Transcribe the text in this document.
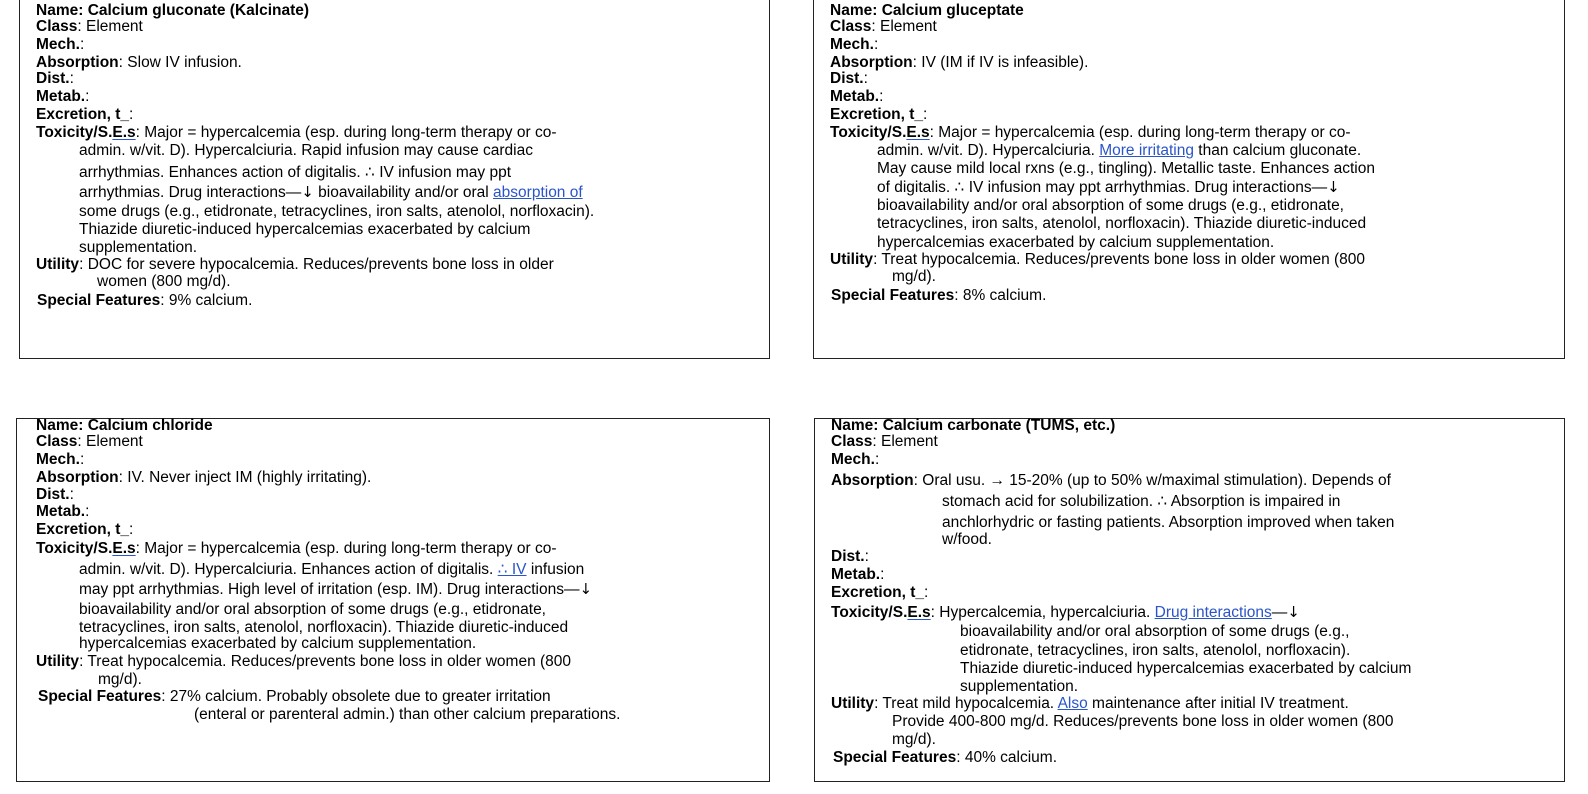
Name: Calcium gluconate (Kalcinate)
Class: Element
Mech.:
Absorption: Slow IV infusion.
Dist.:
Metab.:
Excretion, t_:
Toxicity/S.E.s: Major = hypercalcemia (esp. during long-term therapy or co-
admin. w/vit. D). Hypercalciuria. Rapid infusion may cause cardiac
arrhythmias. Enhances action of digitalis. ∴ IV infusion may ppt
arrhythmias. Drug interactions—↓ bioavailability and/or oral absorption of
some drugs (e.g., etidronate, tetracyclines, iron salts, atenolol, norfloxacin).
Thiazide diuretic-induced hypercalcemias exacerbated by calcium
supplementation.
Utility: DOC for severe hypocalcemia. Reduces/prevents bone loss in older
women (800 mg/d).
Special Features: 9% calcium.
Name: Calcium gluceptate
Class: Element
Mech.:
Absorption: IV (IM if IV is infeasible).
Dist.:
Metab.:
Excretion, t_:
Toxicity/S.E.s: Major = hypercalcemia (esp. during long-term therapy or co-
admin. w/vit. D). Hypercalciuria. More irritating than calcium gluconate.
May cause mild local rxns (e.g., tingling). Metallic taste. Enhances action
of digitalis. ∴ IV infusion may ppt arrhythmias. Drug interactions—↓
bioavailability and/or oral absorption of some drugs (e.g., etidronate,
tetracyclines, iron salts, atenolol, norfloxacin). Thiazide diuretic-induced
hypercalcemias exacerbated by calcium supplementation.
Utility: Treat hypocalcemia. Reduces/prevents bone loss in older women (800
mg/d).
Special Features: 8% calcium.
Name: Calcium chloride
Class: Element
Mech.:
Absorption: IV. Never inject IM (highly irritating).
Dist.:
Metab.:
Excretion, t_:
Toxicity/S.E.s: Major = hypercalcemia (esp. during long-term therapy or co-
admin. w/vit. D). Hypercalciuria. Enhances action of digitalis. ∴ IV infusion
may ppt arrhythmias. High level of irritation (esp. IM). Drug interactions—↓
bioavailability and/or oral absorption of some drugs (e.g., etidronate,
tetracyclines, iron salts, atenolol, norfloxacin). Thiazide diuretic-induced
hypercalcemias exacerbated by calcium supplementation.
Utility: Treat hypocalcemia. Reduces/prevents bone loss in older women (800
mg/d).
Special Features: 27% calcium. Probably obsolete due to greater irritation
(enteral or parenteral admin.) than other calcium preparations.
Name: Calcium carbonate (TUMS, etc.)
Class: Element
Mech.:
Absorption: Oral usu. → 15-20% (up to 50% w/maximal stimulation). Depends of
stomach acid for solubilization. ∴ Absorption is impaired in
anchlorhydric or fasting patients. Absorption improved when taken
w/food.
Dist.:
Metab.:
Excretion, t_:
Toxicity/S.E.s: Hypercalcemia, hypercalciuria. Drug interactions—↓
bioavailability and/or oral absorption of some drugs (e.g.,
etidronate, tetracyclines, iron salts, atenolol, norfloxacin).
Thiazide diuretic-induced hypercalcemias exacerbated by calcium
supplementation.
Utility: Treat mild hypocalcemia. Also maintenance after initial IV treatment.
Provide 400-800 mg/d. Reduces/prevents bone loss in older women (800
mg/d).
Special Features: 40% calcium.
